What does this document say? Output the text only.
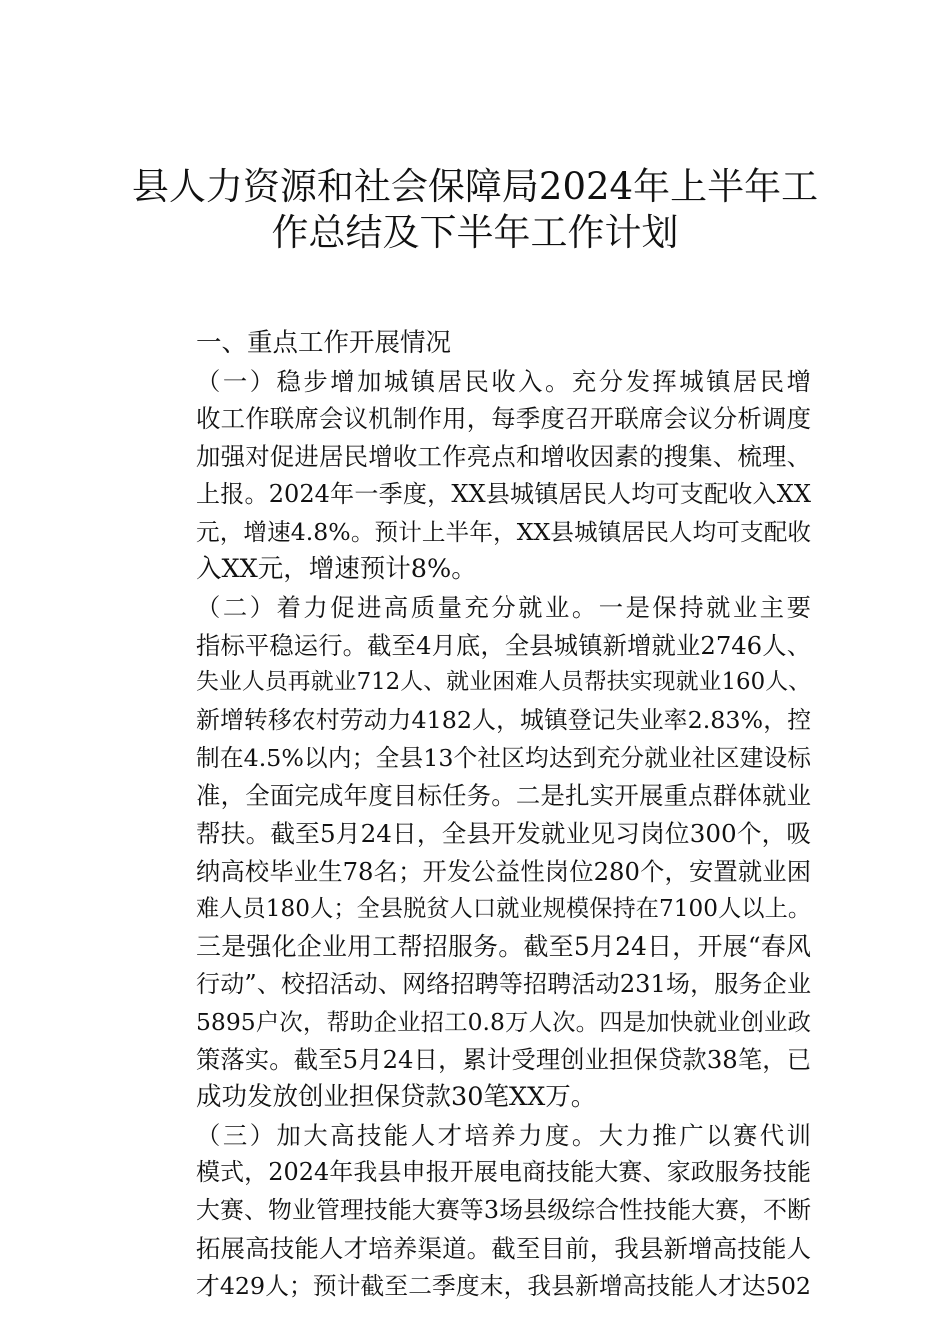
县人力资源和社会保障局2024年上半年工
作总结及下半年工作计划

一、重点工作开展情况

（一）稳步增加城镇居民收入。充分发挥城镇居民增
收工作联席会议机制作用，每季度召开联席会议分析调度
加强对促进居民增收工作亮点和增收因素的搜集、梳理、
上报。2024年一季度，XX县城镇居民人均可支配收入XX
元，增速4.8%。预计上半年，XX县城镇居民人均可支配收
入XX元，增速预计8%。

（二）着力促进高质量充分就业。一是保持就业主要
指标平稳运行。截至4月底，全县城镇新增就业2746人、
失业人员再就业712人、就业困难人员帮扶实现就业160人、
新增转移农村劳动力4182人，城镇登记失业率2.83%，控
制在4.5%以内；全县13个社区均达到充分就业社区建设标
准，全面完成年度目标任务。二是扎实开展重点群体就业
帮扶。截至5月24日，全县开发就业见习岗位300个，吸
纳高校毕业生78名；开发公益性岗位280个，安置就业困
难人员180人；全县脱贫人口就业规模保持在7100人以上。
三是强化企业用工帮招服务。截至5月24日，开展“春风
行动”、校招活动、网络招聘等招聘活动231场，服务企业
5895户次，帮助企业招工0.8万人次。四是加快就业创业政
策落实。截至5月24日，累计受理创业担保贷款38笔，已
成功发放创业担保贷款30笔XX万。

（三）加大高技能人才培养力度。大力推广以赛代训
模式，2024年我县申报开展电商技能大赛、家政服务技能
大赛、物业管理技能大赛等3场县级综合性技能大赛，不断
拓展高技能人才培养渠道。截至目前，我县新增高技能人
才429人；预计截至二季度末，我县新增高技能人才达502
